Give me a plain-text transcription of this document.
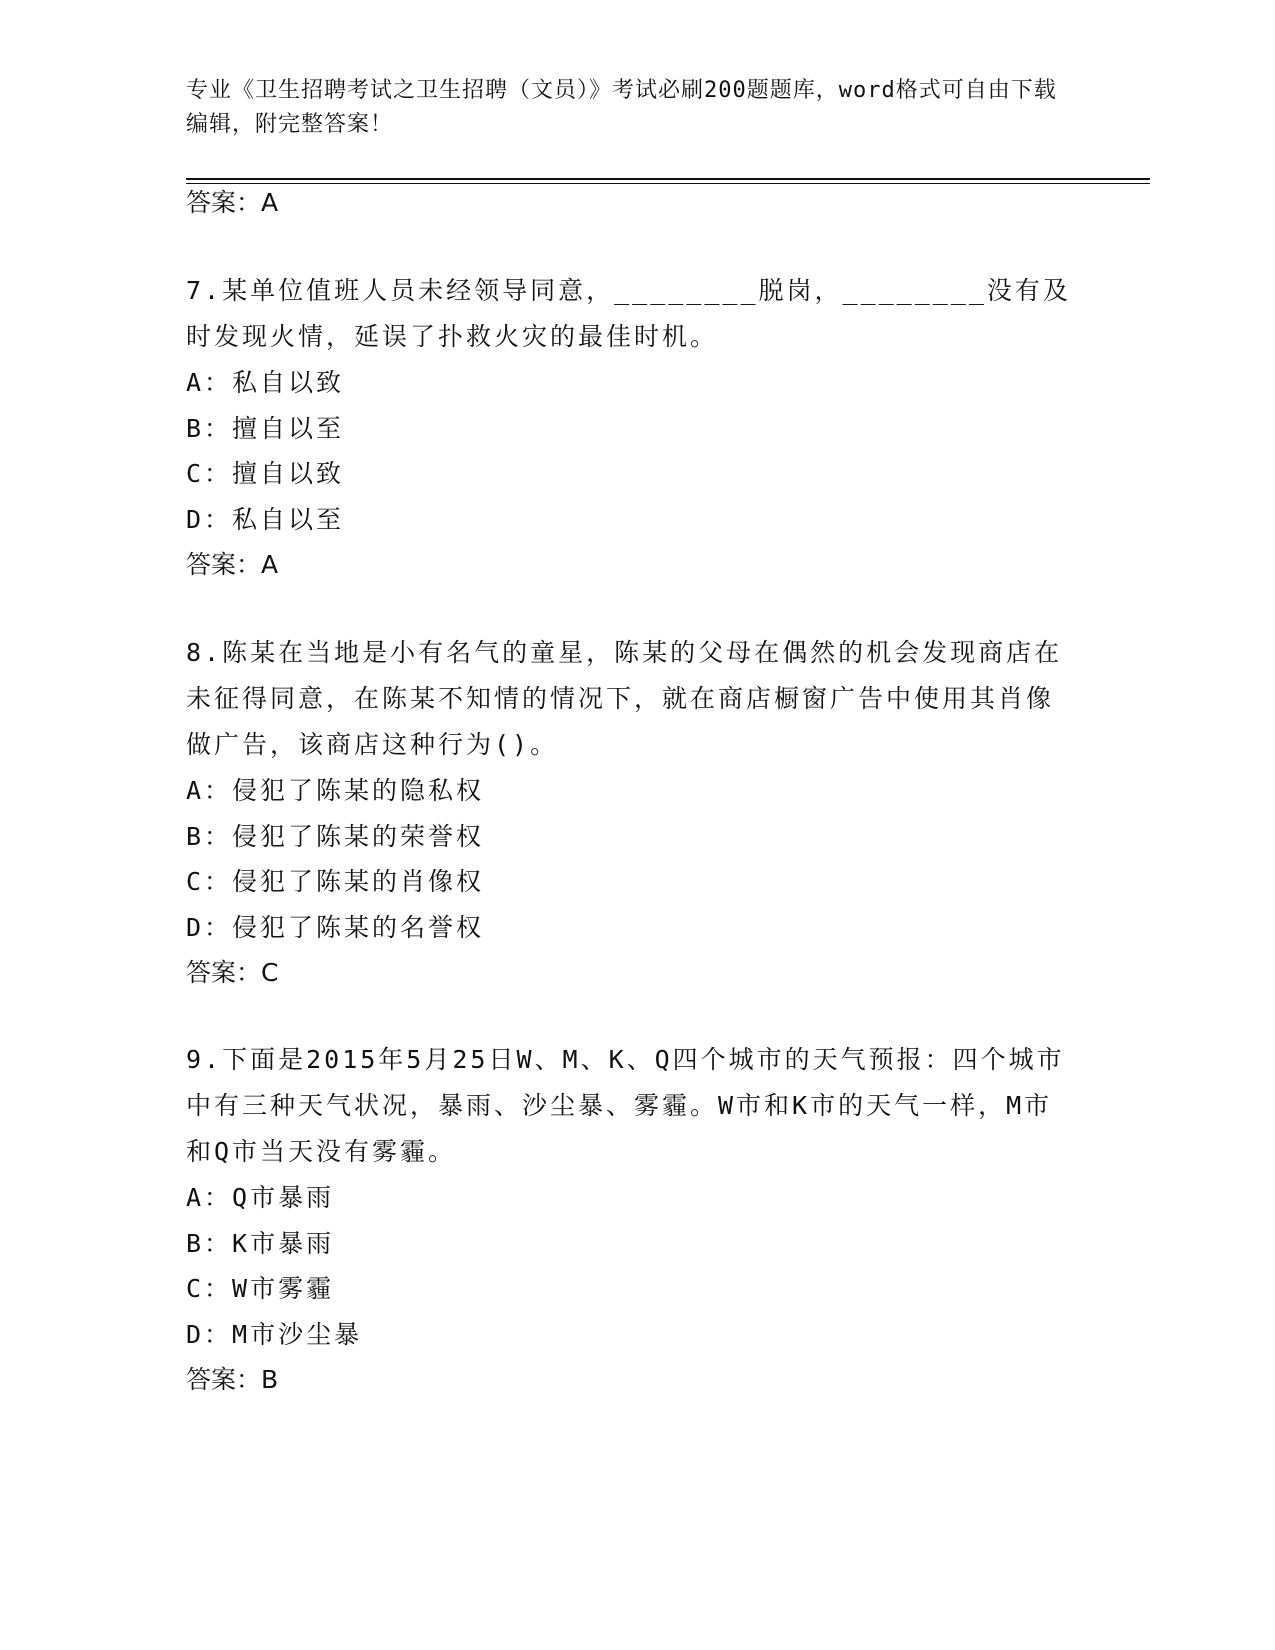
专业《卫生招聘考试之卫生招聘（文员）》考试必刷200题题库，word格式可自由下载编辑，附完整答案！
答案：A
7.某单位值班人员未经领导同意，________脱岗，________没有及时发现火情，延误了扑救火灾的最佳时机。
A：私自以致
B：擅自以至
C：擅自以致
D：私自以至
答案：A
8.陈某在当地是小有名气的童星，陈某的父母在偶然的机会发现商店在未征得同意，在陈某不知情的情况下，就在商店橱窗广告中使用其肖像做广告，该商店这种行为()。
A：侵犯了陈某的隐私权
B：侵犯了陈某的荣誉权
C：侵犯了陈某的肖像权
D：侵犯了陈某的名誉权
答案：C
9.下面是2015年5月25日W、M、K、Q四个城市的天气预报：四个城市中有三种天气状况，暴雨、沙尘暴、雾霾。W市和K市的天气一样，M市和Q市当天没有雾霾。
A：Q市暴雨
B：K市暴雨
C：W市雾霾
D：M市沙尘暴
答案：B
